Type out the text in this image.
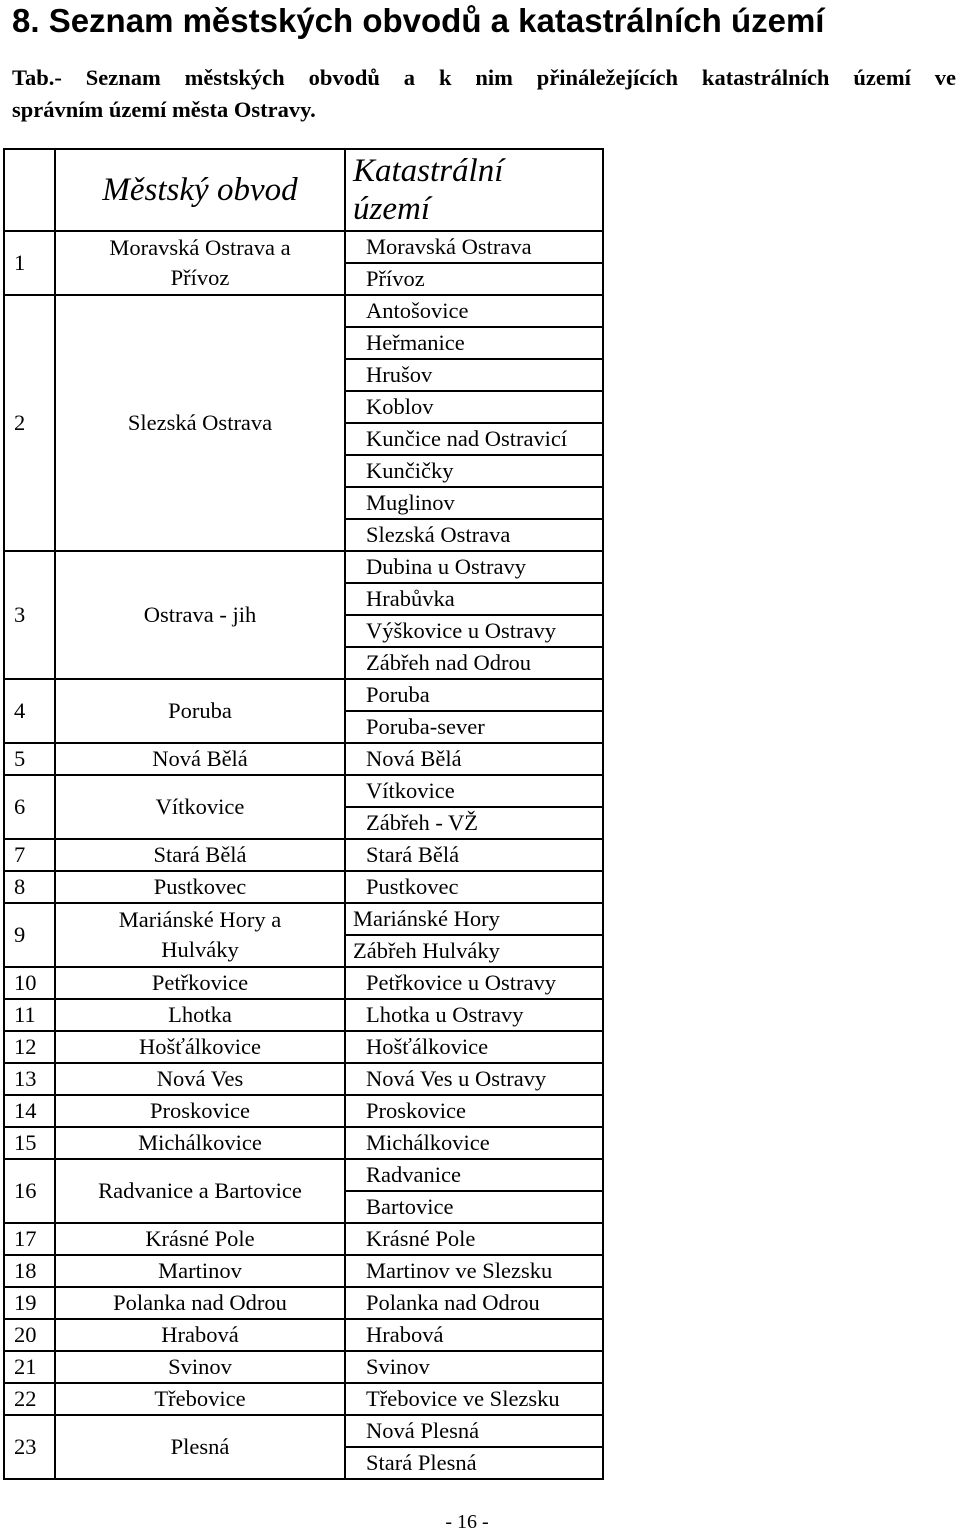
8. Seznam městských obvodů a katastrálních území

Tab.- Seznam městských obvodů a k nim přináležejících katastrálních území ve
správním území města Ostravy.

	Městský obvod	Katastrální
území
1	Moravská Ostrava a
Přívoz	Moravská Ostrava
		Přívoz
2	Slezská Ostrava	Antošovice
		Heřmanice
		Hrušov
		Koblov
		Kunčice nad Ostravicí
		Kunčičky
		Muglinov
		Slezská Ostrava
3	Ostrava - jih	Dubina u Ostravy
		Hrabůvka
		Výškovice u Ostravy
		Zábřeh nad Odrou
4	Poruba	Poruba
		Poruba-sever
5	Nová Bělá	Nová Bělá
6	Vítkovice	Vítkovice
		Zábřeh - VŽ
7	Stará Bělá	Stará Bělá
8	Pustkovec	Pustkovec
9	Mariánské Hory a
Hulváky	Mariánské Hory
		Zábřeh Hulváky
10	Petřkovice	Petřkovice u Ostravy
11	Lhotka	Lhotka u Ostravy
12	Hošťálkovice	Hošťálkovice
13	Nová Ves	Nová Ves u Ostravy
14	Proskovice	Proskovice
15	Michálkovice	Michálkovice
16	Radvanice a Bartovice	Radvanice
		Bartovice
17	Krásné Pole	Krásné Pole
18	Martinov	Martinov ve Slezsku
19	Polanka nad Odrou	Polanka nad Odrou
20	Hrabová	Hrabová
21	Svinov	Svinov
22	Třebovice	Třebovice ve Slezsku
23	Plesná	Nová Plesná
		Stará Plesná
- 16 -
